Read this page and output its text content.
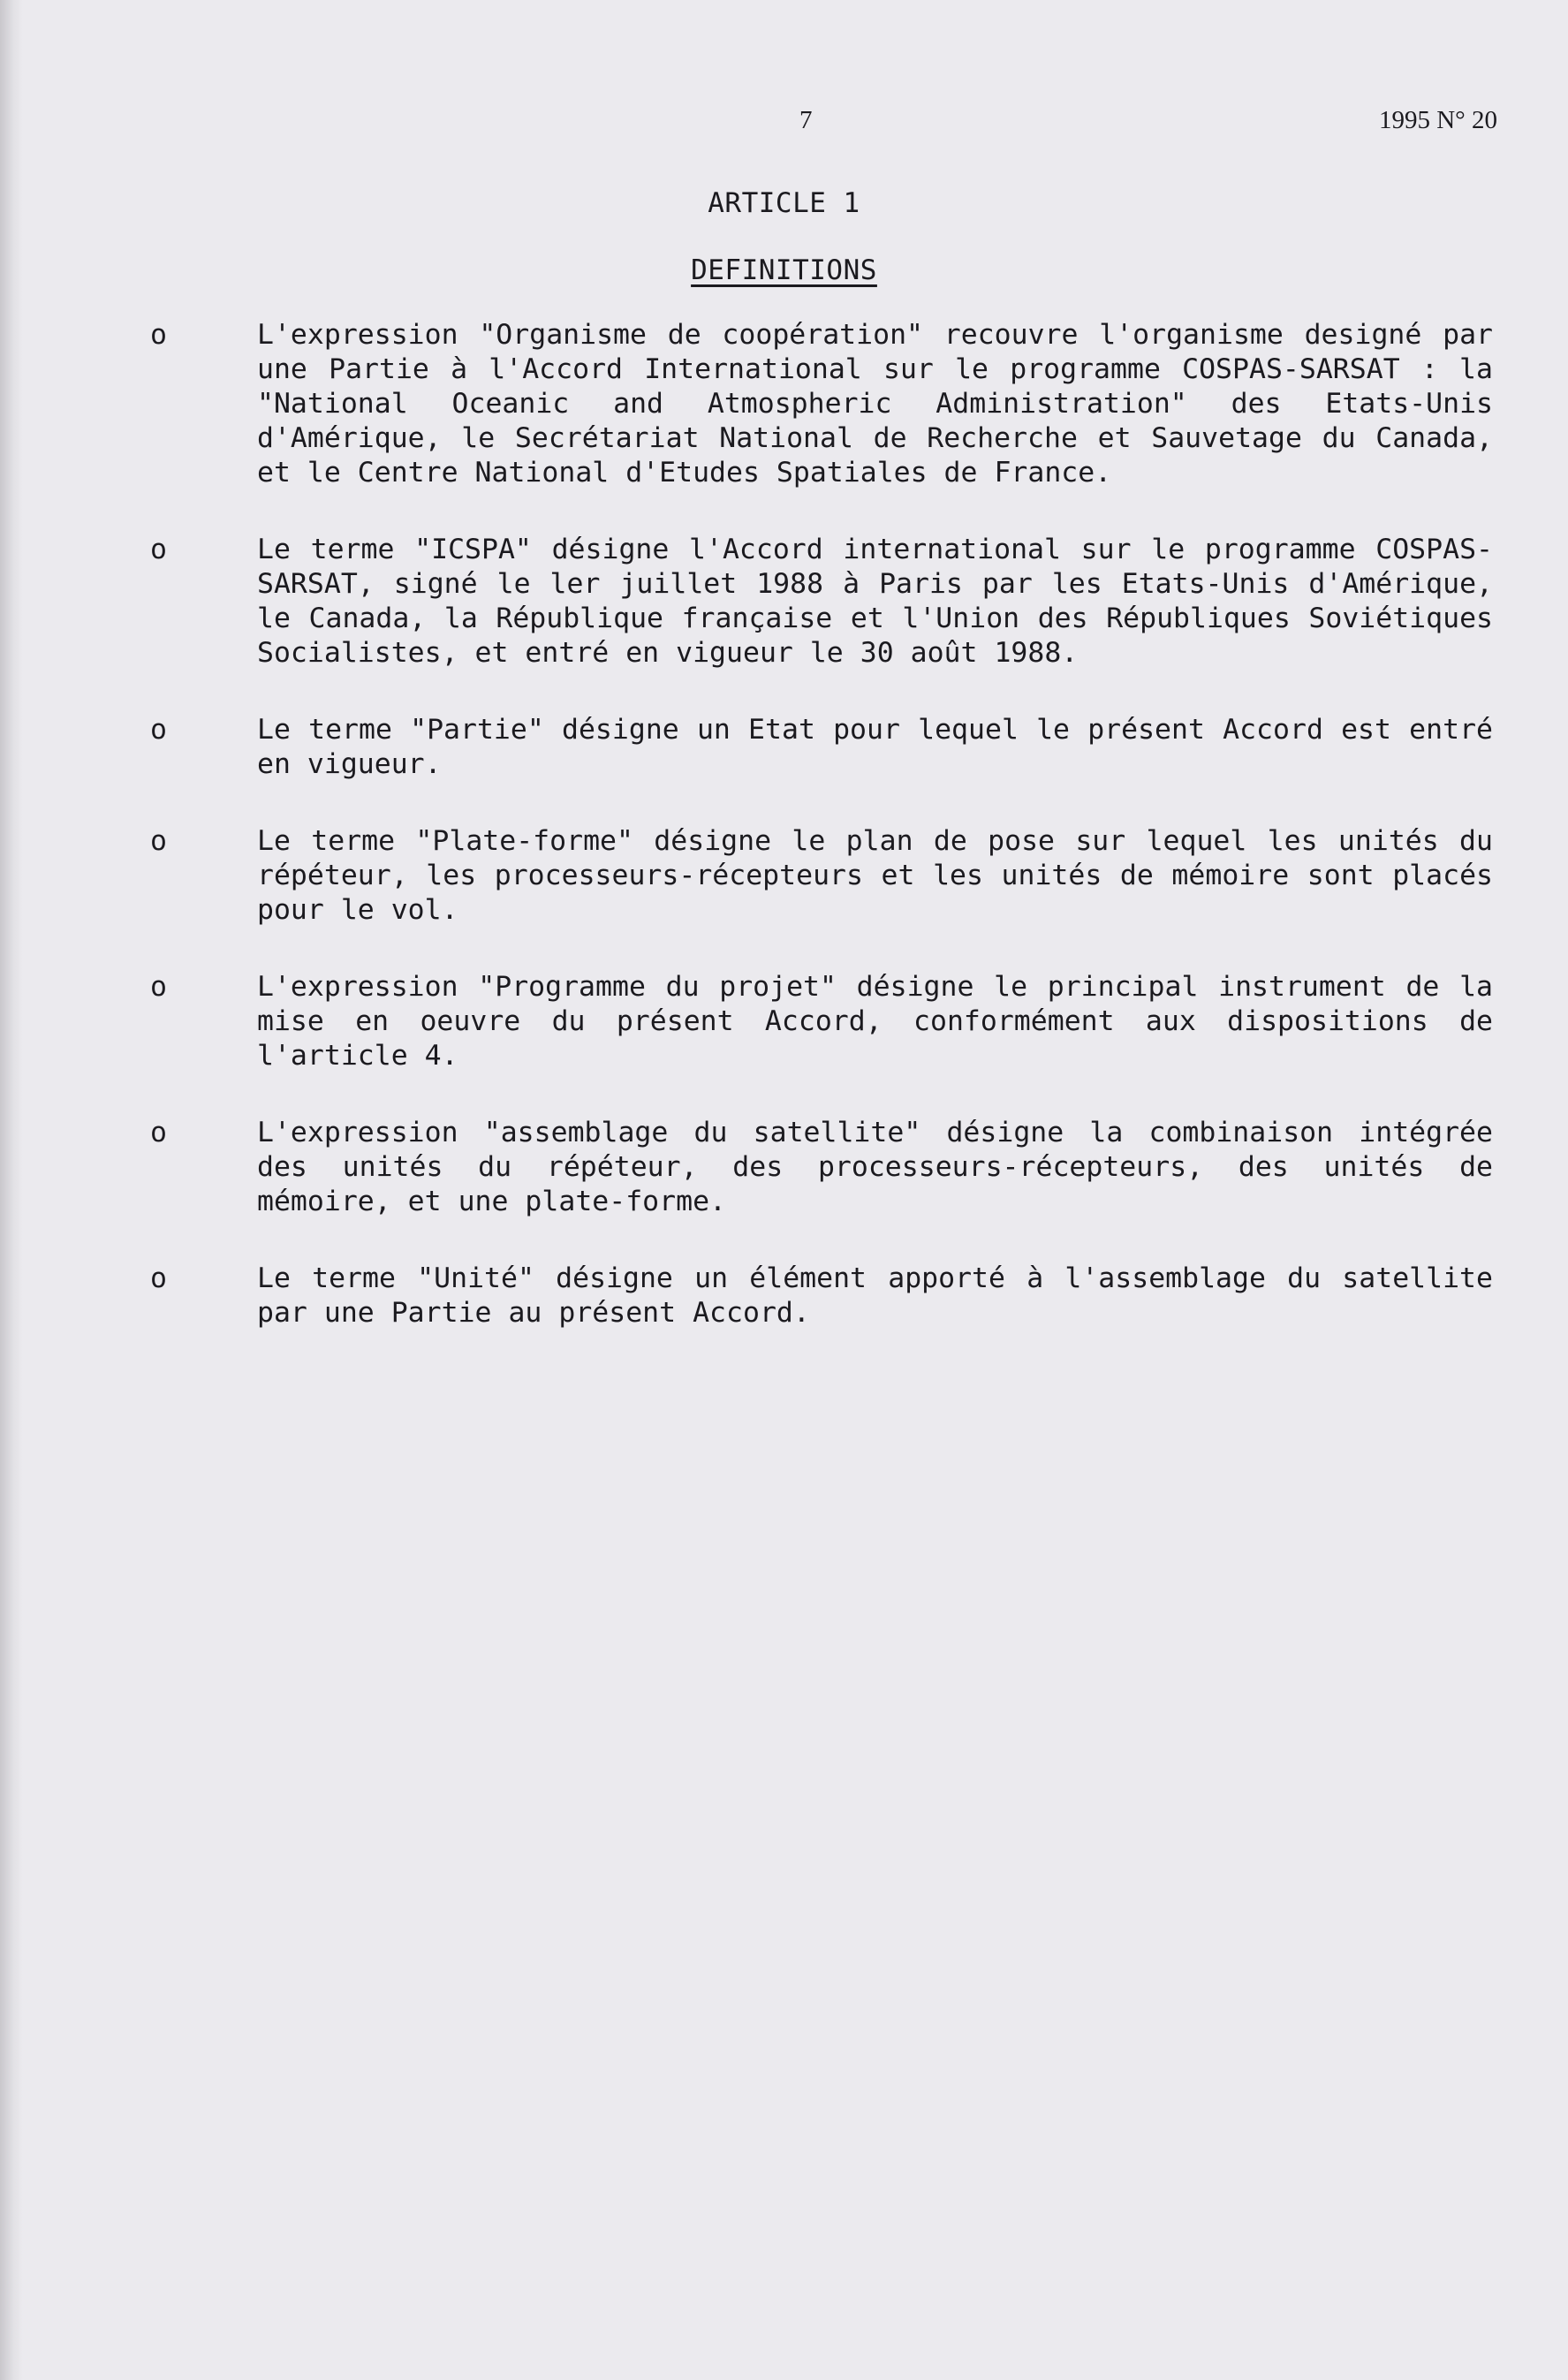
7	1995 N° 20
ARTICLE 1
DEFINITIONS
o	L'expression "Organisme de coopération" recouvre l'organisme designé par une Partie à l'Accord International sur le programme COSPAS-SARSAT : la "National Oceanic and Atmospheric Administration" des Etats-Unis d'Amérique, le Secrétariat National de Recherche et Sauvetage du Canada, et le Centre National d'Etudes Spatiales de France.
o	Le terme "ICSPA" désigne l'Accord international sur le programme COSPAS-SARSAT, signé le ler juillet 1988 à Paris par les Etats-Unis d'Amérique, le Canada, la République française et l'Union des Républiques Soviétiques Socialistes, et entré en vigueur le 30 août 1988.
o	Le terme "Partie" désigne un Etat pour lequel le présent Accord est entré en vigueur.
o	Le terme "Plate-forme" désigne le plan de pose sur lequel les unités du répéteur, les processeurs-récepteurs et les unités de mémoire sont placés pour le vol.
o	L'expression "Programme du projet" désigne le principal instrument de la mise en oeuvre du présent Accord, conformément aux dispositions de l'article 4.
o	L'expression "assemblage du satellite" désigne la combinaison intégrée des unités du répéteur, des processeurs-récepteurs, des unités de mémoire, et une plate-forme.
o	Le terme "Unité" désigne un élément apporté à l'assemblage du satellite par une Partie au présent Accord.
